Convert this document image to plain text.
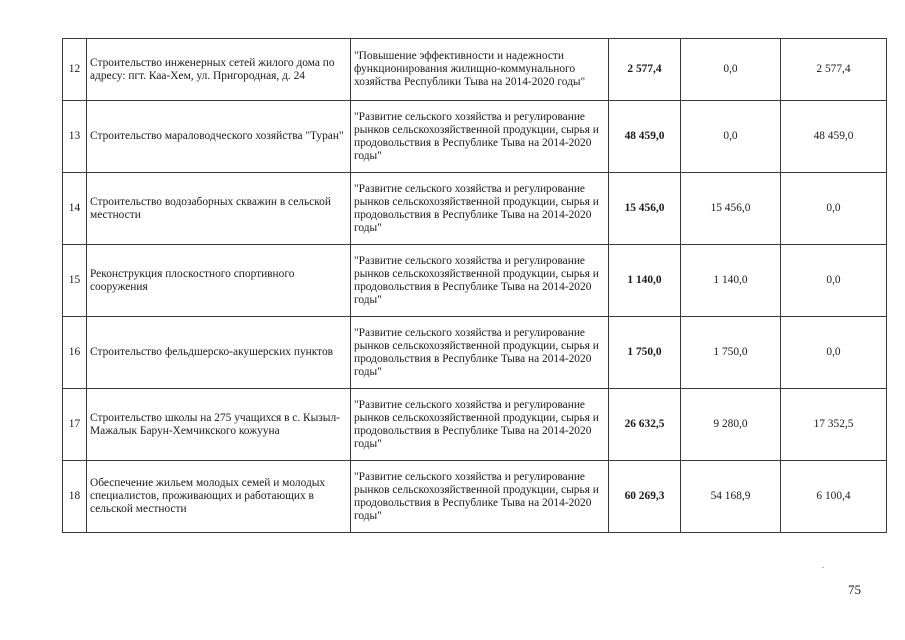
12	Строительство инженерных сетей жилого дома по адресу: пгт. Каа-Хем, ул. Пригородная, д. 24	"Повышение эффективности и надежности функционирования жилищно-коммунального хозяйства Республики Тыва на 2014-2020 годы"	2 577,4	0,0	2 577,4
13	Строительство мараловодческого хозяйства "Туран"	"Развитие сельского хозяйства и регулирование рынков сельскохозяйственной продукции, сырья и продовольствия в Республике Тыва на 2014-2020 годы"	48 459,0	0,0	48 459,0
14	Строительство водозаборных скважин в сельской местности	"Развитие сельского хозяйства и регулирование рынков сельскохозяйственной продукции, сырья и продовольствия в Республике Тыва на 2014-2020 годы"	15 456,0	15 456,0	0,0
15	Реконструкция плоскостного спортивного сооружения	"Развитие сельского хозяйства и регулирование рынков сельскохозяйственной продукции, сырья и продовольствия в Республике Тыва на 2014-2020 годы"	1 140,0	1 140,0	0,0
16	Строительство фельдшерско-акушерских пунктов	"Развитие сельского хозяйства и регулирование рынков сельскохозяйственной продукции, сырья и продовольствия в Республике Тыва на 2014-2020 годы"	1 750,0	1 750,0	0,0
17	Строительство школы на 275 учащихся в с. Кызыл-Мажалык Барун-Хемчикского кожууна	"Развитие сельского хозяйства и регулирование рынков сельскохозяйственной продукции, сырья и продовольствия в Республике Тыва на 2014-2020 годы"	26 632,5	9 280,0	17 352,5
18	Обеспечение жильем молодых семей и молодых специалистов, проживающих и работающих в сельской местности	"Развитие сельского хозяйства и регулирование рынков сельскохозяйственной продукции, сырья и продовольствия в Республике Тыва на 2014-2020 годы"	60 269,3	54 168,9	6 100,4
75
